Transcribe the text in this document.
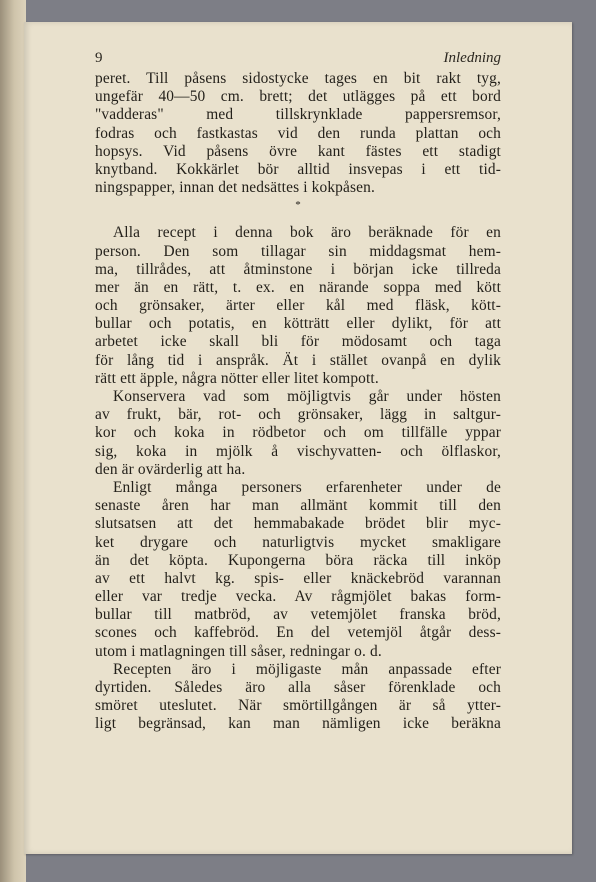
9	Inledning
peret. Till påsens sidostycke tages en bit rakt tyg,
ungefär 40—50 cm. brett; det utlägges på ett bord
"vadderas" med tillskrynklade pappersremsor,
fodras och fastkastas vid den runda plattan och
hopsys. Vid påsens övre kant fästes ett stadigt
knytband. Kokkärlet bör alltid insvepas i ett tid-
ningspapper, innan det nedsättes i kokpåsen.
*
Alla recept i denna bok äro beräknade för en
person. Den som tillagar sin middagsmat hem-
ma, tillrådes, att åtminstone i början icke tillreda
mer än en rätt, t. ex. en närande soppa med kött
och grönsaker, ärter eller kål med fläsk, kött-
bullar och potatis, en kötträtt eller dylikt, för att
arbetet icke skall bli för mödosamt och taga
för lång tid i anspråk. Ät i stället ovanpå en dylik
rätt ett äpple, några nötter eller litet kompott.
Konservera vad som möjligtvis går under hösten
av frukt, bär, rot- och grönsaker, lägg in saltgur-
kor och koka in rödbetor och om tillfälle yppar
sig, koka in mjölk å vischyvatten- och ölflaskor,
den är ovärderlig att ha.
Enligt många personers erfarenheter under de
senaste åren har man allmänt kommit till den
slutsatsen att det hemmabakade brödet blir myc-
ket drygare och naturligtvis mycket smakligare
än det köpta. Kupongerna böra räcka till inköp
av ett halvt kg. spis- eller knäckebröd varannan
eller var tredje vecka. Av rågmjölet bakas form-
bullar till matbröd, av vetemjölet franska bröd,
scones och kaffebröd. En del vetemjöl åtgår dess-
utom i matlagningen till såser, redningar o. d.
Recepten äro i möjligaste mån anpassade efter
dyrtiden. Således äro alla såser förenklade och
smöret uteslutet. När smörtillgången är så ytter-
ligt begränsad, kan man nämligen icke beräkna
